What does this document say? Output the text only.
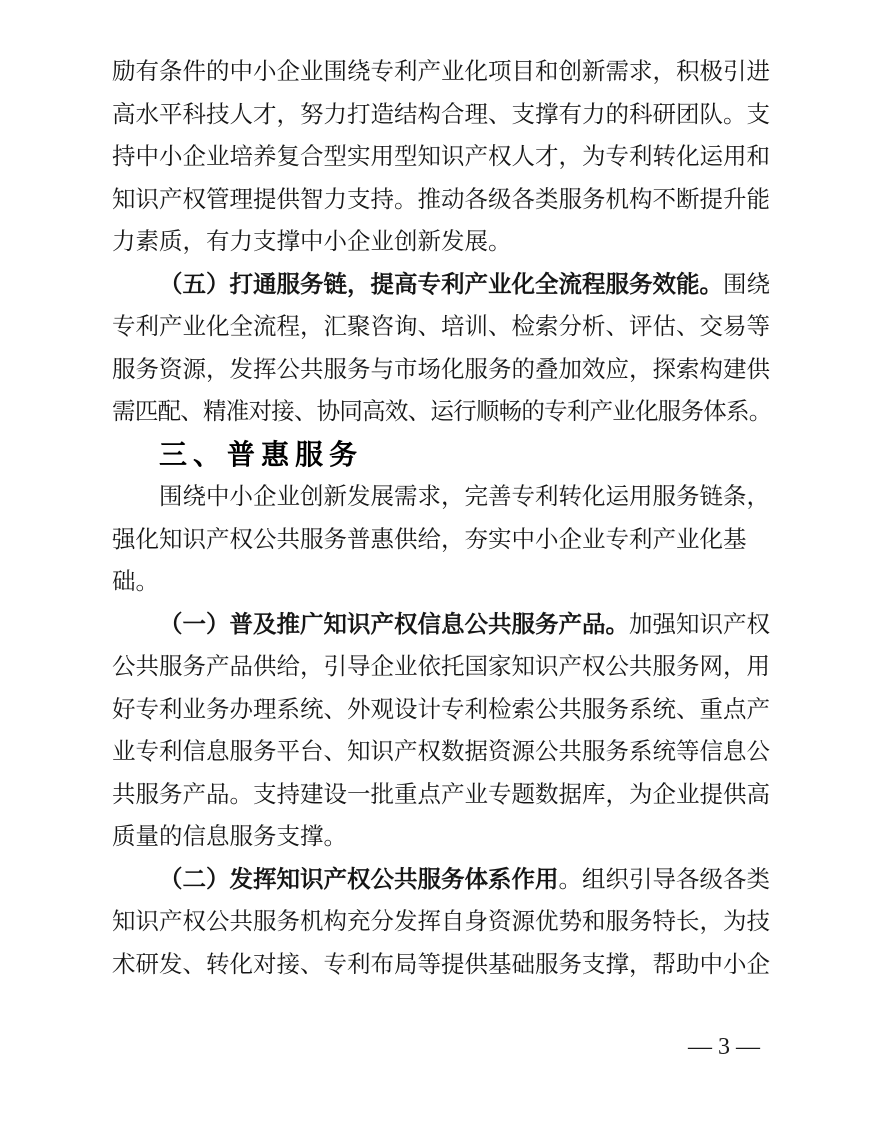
励有条件的中小企业围绕专利产业化项目和创新需求，积极引进
高水平科技人才，努力打造结构合理、支撑有力的科研团队。支
持中小企业培养复合型实用型知识产权人才，为专利转化运用和
知识产权管理提供智力支持。推动各级各类服务机构不断提升能
力素质，有力支撑中小企业创新发展。
（五）打通服务链，提高专利产业化全流程服务效能。围绕
专利产业化全流程，汇聚咨询、培训、检索分析、评估、交易等
服务资源，发挥公共服务与市场化服务的叠加效应，探索构建供
需匹配、精准对接、协同高效、运行顺畅的专利产业化服务体系。
三、普惠服务
围绕中小企业创新发展需求，完善专利转化运用服务链条，
强化知识产权公共服务普惠供给，夯实中小企业专利产业化基
础。
（一）普及推广知识产权信息公共服务产品。加强知识产权
公共服务产品供给，引导企业依托国家知识产权公共服务网，用
好专利业务办理系统、外观设计专利检索公共服务系统、重点产
业专利信息服务平台、知识产权数据资源公共服务系统等信息公
共服务产品。支持建设一批重点产业专题数据库，为企业提供高
质量的信息服务支撑。
（二）发挥知识产权公共服务体系作用。组织引导各级各类
知识产权公共服务机构充分发挥自身资源优势和服务特长，为技
术研发、转化对接、专利布局等提供基础服务支撑，帮助中小企
— 3 —
